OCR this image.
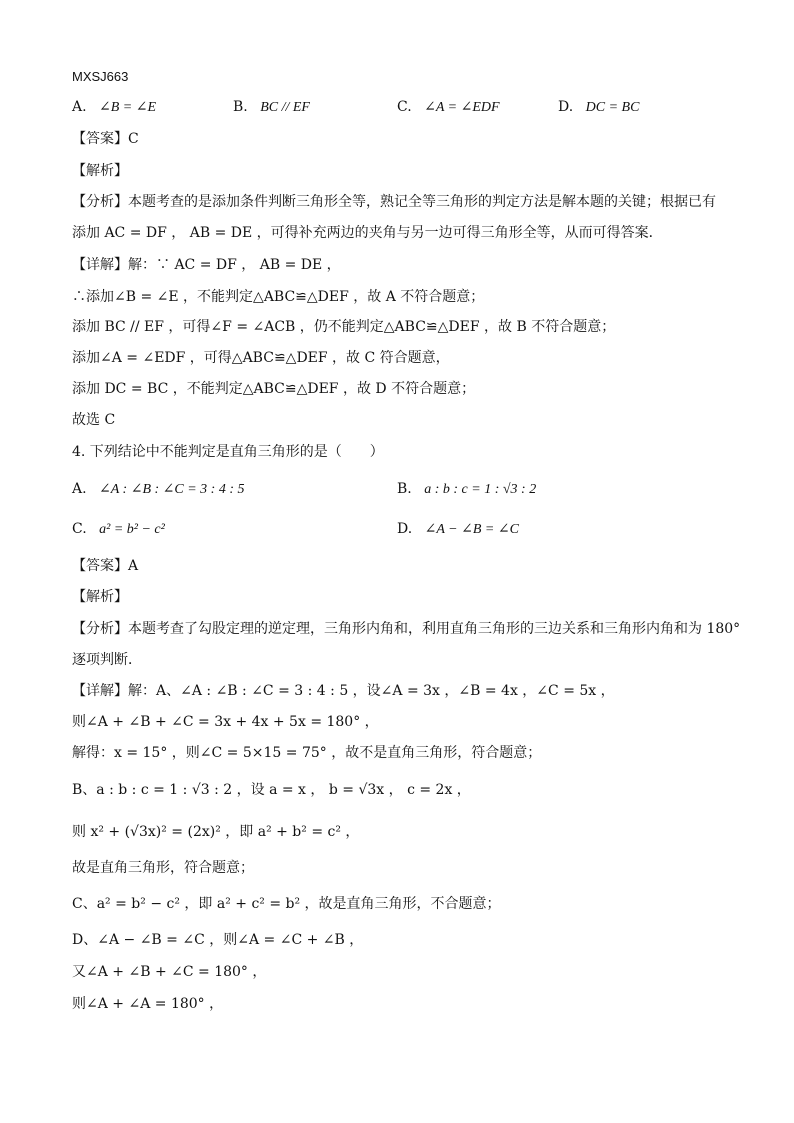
MXSJ663
A. ∠B = ∠E	B. BC // EF	C. ∠A = ∠EDF	D. DC = BC
【答案】C
【解析】
【分析】本题考查的是添加条件判断三角形全等，熟记全等三角形的判定方法是解本题的关键；根据已有
添加 AC = DF ， AB = DE ，可得补充两边的夹角与另一边可得三角形全等，从而可得答案．
【详解】解：∵ AC = DF ， AB = DE ，
∴添加∠B = ∠E ，不能判定△ABC≌△DEF ，故 A 不符合题意；
添加 BC // EF ，可得∠F = ∠ACB ，仍不能判定△ABC≌△DEF ，故 B 不符合题意；
添加∠A = ∠EDF ，可得△ABC≌△DEF ，故 C 符合题意，
添加 DC = BC ，不能判定△ABC≌△DEF ，故 D 不符合题意；
故选 C
4. 下列结论中不能判定是直角三角形的是（　　）
A. ∠A : ∠B : ∠C = 3 : 4 : 5	B. a : b : c = 1 : √3 : 2
C. a² = b² − c²	D. ∠A − ∠B = ∠C
【答案】A
【解析】
【分析】本题考查了勾股定理的逆定理，三角形内角和，利用直角三角形的三边关系和三角形内角和为 180°
逐项判断．
【详解】解：A、∠A : ∠B : ∠C = 3 : 4 : 5 ，设∠A = 3x ，∠B = 4x ，∠C = 5x ，
则∠A + ∠B + ∠C = 3x + 4x + 5x = 180° ，
解得：x = 15° ，则∠C = 5×15 = 75° ，故不是直角三角形，符合题意；
B、a : b : c = 1 : √3 : 2 ，设 a = x ， b = √3x ， c = 2x ，
则 x² + (√3x)² = (2x)² ，即 a² + b² = c² ，
故是直角三角形，符合题意；
C、a² = b² − c² ，即 a² + c² = b² ，故是直角三角形，不合题意；
D、∠A − ∠B = ∠C ，则∠A = ∠C + ∠B ，
又∠A + ∠B + ∠C = 180° ，
则∠A + ∠A = 180° ，
